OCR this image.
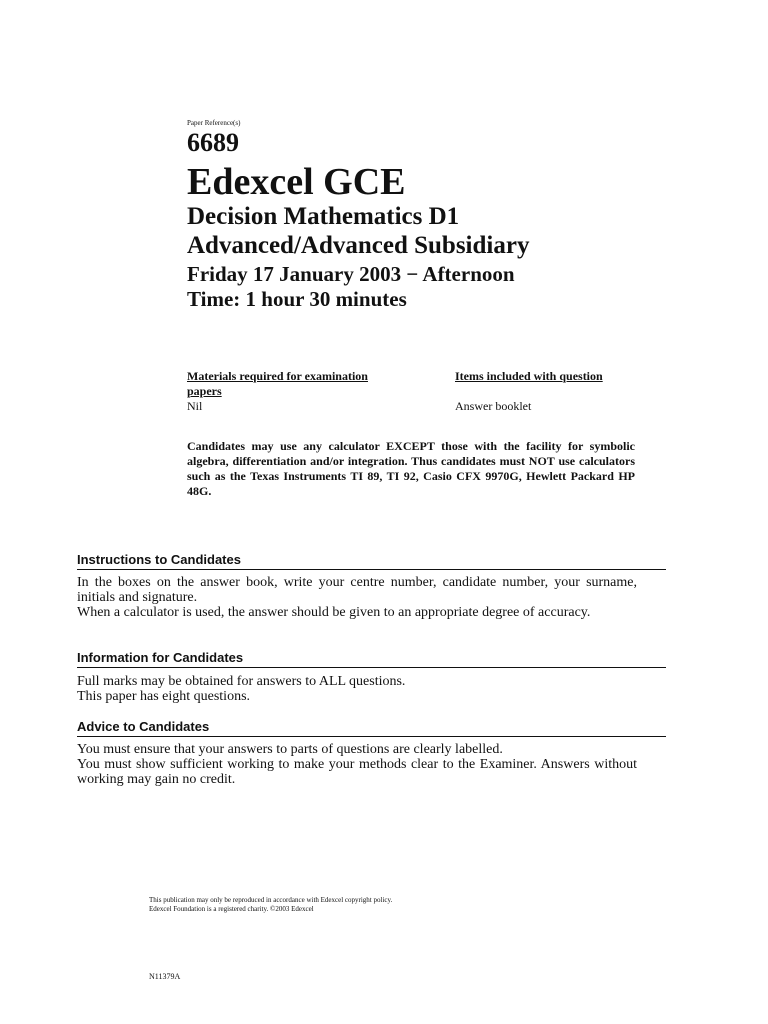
Paper Reference(s)
6689
Edexcel GCE
Decision Mathematics D1
Advanced/Advanced Subsidiary
Friday 17 January 2003 − Afternoon
Time: 1 hour 30 minutes
Materials required for examination papers
Nil
Items included with question
Answer booklet
Candidates may use any calculator EXCEPT those with the facility for symbolic algebra, differentiation and/or integration. Thus candidates must NOT use calculators such as the Texas Instruments TI 89, TI 92, Casio CFX 9970G, Hewlett Packard HP 48G.
Instructions to Candidates

In the boxes on the answer book, write your centre number, candidate number, your surname, initials and signature.

When a calculator is used, the answer should be given to an appropriate degree of accuracy.

Information for Candidates

Full marks may be obtained for answers to ALL questions.

This paper has eight questions.

Advice to Candidates

You must ensure that your answers to parts of questions are clearly labelled.

You must show sufficient working to make your methods clear to the Examiner. Answers without working may gain no credit.

This publication may only be reproduced in accordance with Edexcel copyright policy.

Edexcel Foundation is a registered charity. ©2003 Edexcel

N11379A
